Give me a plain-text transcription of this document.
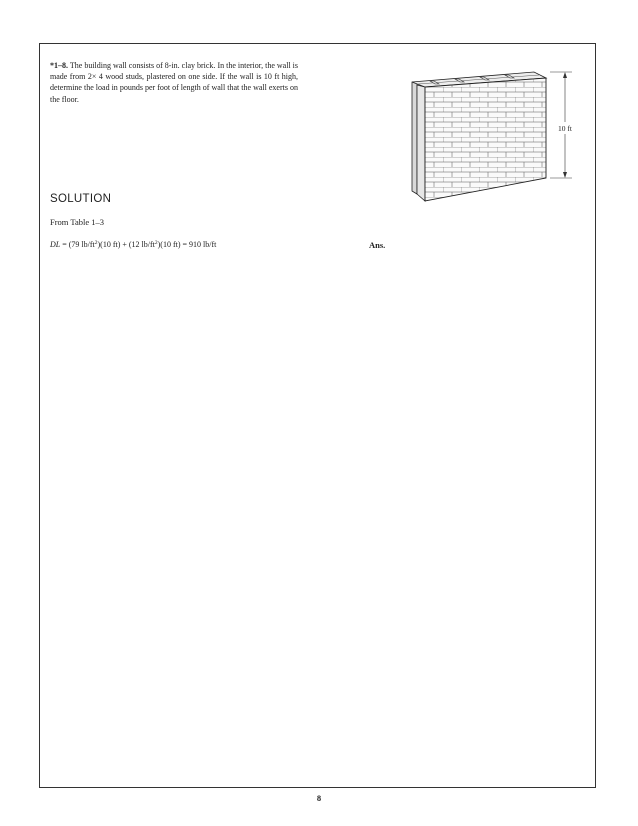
*1–8. The building wall consists of 8-in. clay brick. In the interior, the wall is made from 2× 4 wood studs, plastered on one side. If the wall is 10 ft high, determine the load in pounds per foot of length of wall that the wall exerts on the floor.
10 ft
SOLUTION
From Table 1–3
DL = (79 $lb/ft^2)(10$ ft) + (12 $lb/ft^2)(10$ ft) = 910 lb/ft	Ans.
8
